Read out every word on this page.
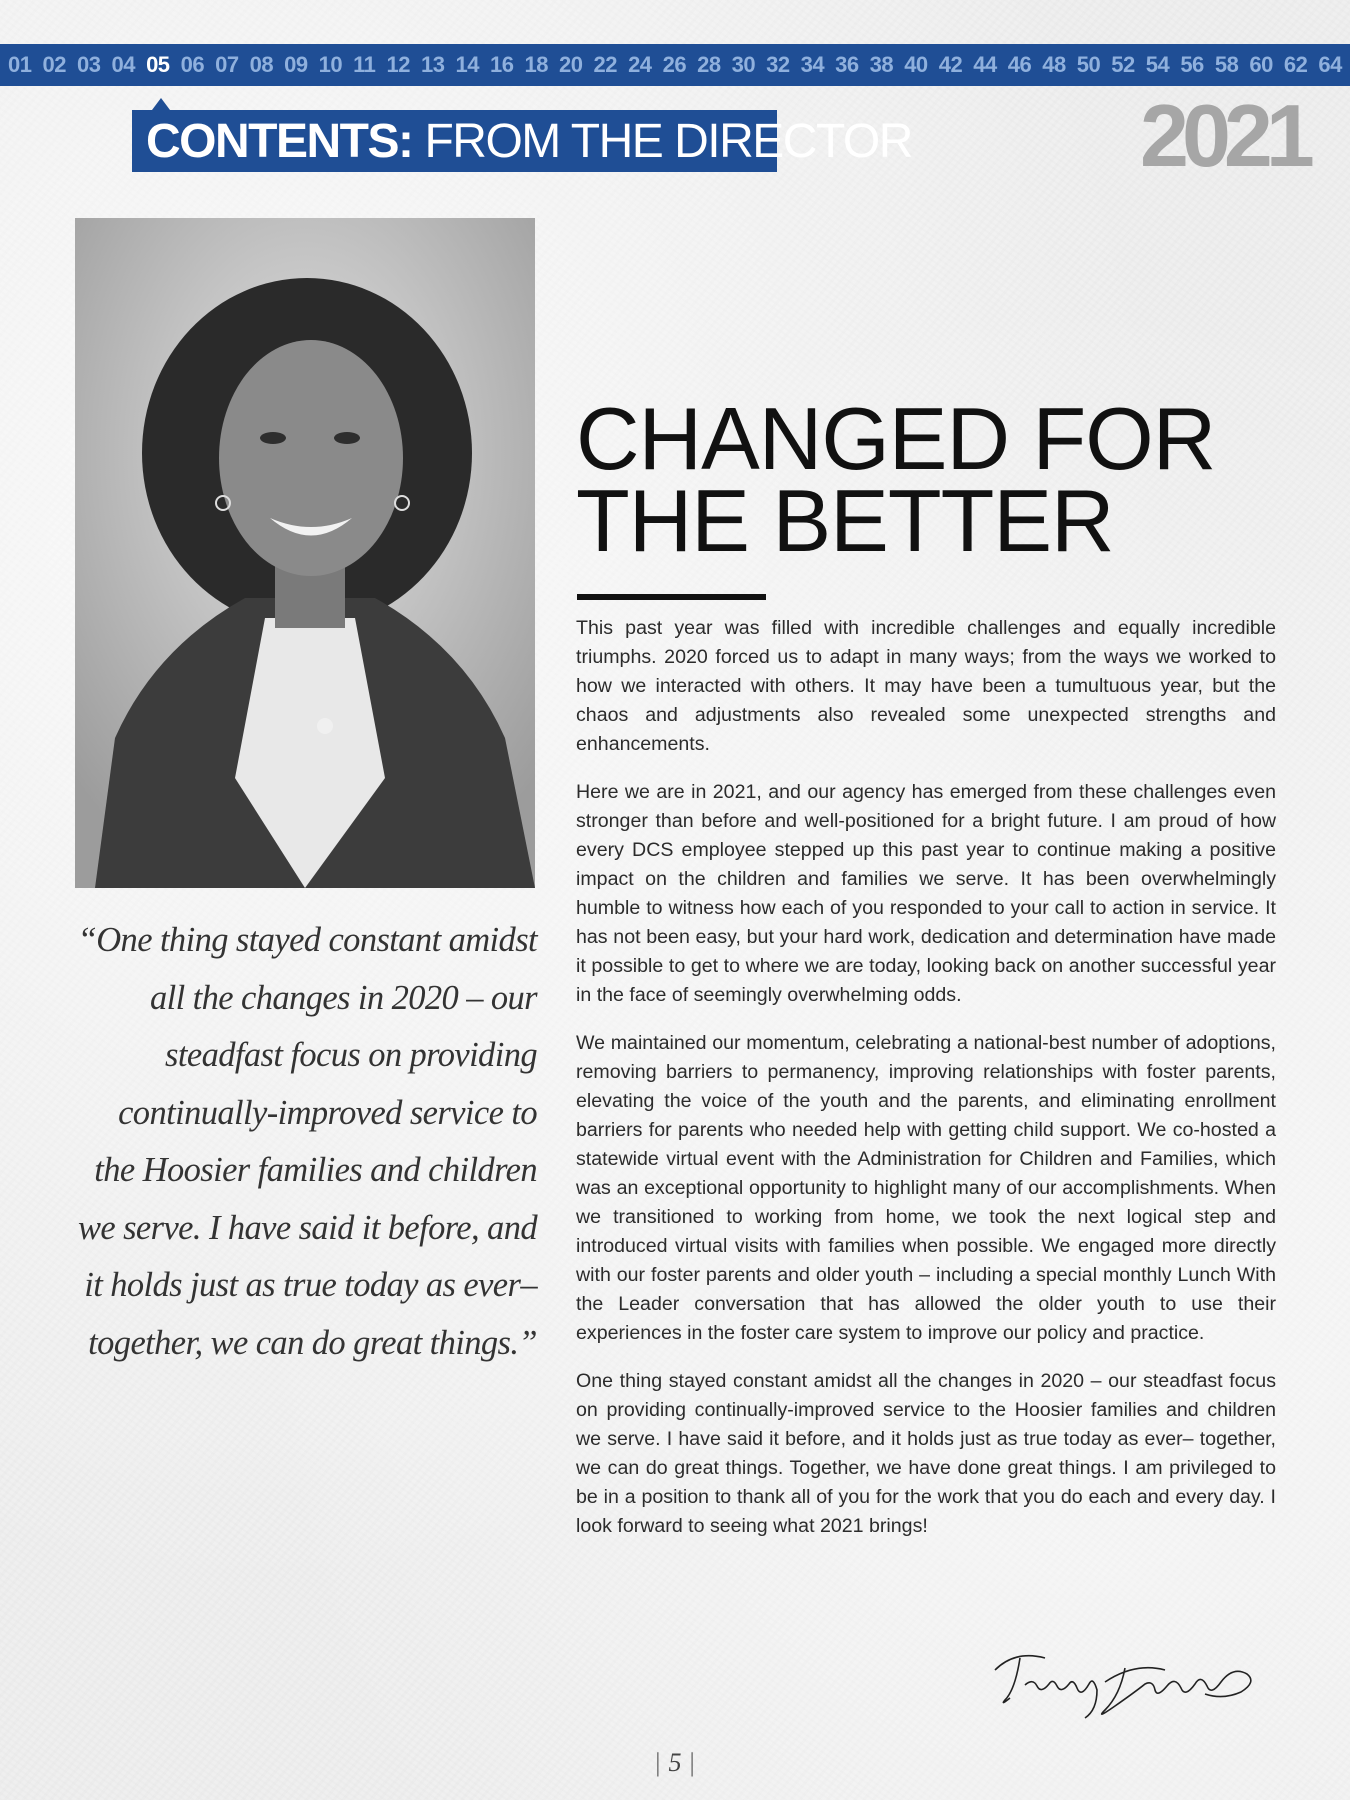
01 02 03 04 05 06 07 08 09 10 11 12 13 14 16 18 20 22 24 26 28 30 32 34 36 38 40 42 44 46 48 50 52 54 56 58 60 62 64
CONTENTS: FROM THE DIRECTOR	2021
“One thing stayed constant amidst all the changes in 2020 – our steadfast focus on providing continually-improved service to the Hoosier families and children we serve. I have said it before, and it holds just as true today as ever– together, we can do great things.”
CHANGED FOR
THE BETTER

This past year was filled with incredible challenges and equally incredible triumphs. 2020 forced us to adapt in many ways; from the ways we worked to how we interacted with others. It may have been a tumultuous year, but the chaos and adjustments also revealed some unexpected strengths and enhancements.

Here we are in 2021, and our agency has emerged from these challenges even stronger than before and well-positioned for a bright future. I am proud of how every DCS employee stepped up this past year to continue making a positive impact on the children and families we serve. It has been overwhelmingly humble to witness how each of you responded to your call to action in service. It has not been easy, but your hard work, dedication and determination have made it possible to get to where we are today, looking back on another successful year in the face of seemingly overwhelming odds.

We maintained our momentum, celebrating a national-best number of adoptions, removing barriers to permanency, improving relationships with foster parents, elevating the voice of the youth and the parents, and eliminating enrollment barriers for parents who needed help with getting child support. We co-hosted a statewide virtual event with the Administration for Children and Families, which was an exceptional opportunity to highlight many of our accomplishments. When we transitioned to working from home, we took the next logical step and introduced virtual visits with families when possible. We engaged more directly with our foster parents and older youth – including a special monthly Lunch With the Leader conversation that has allowed the older youth to use their experiences in the foster care system to improve our policy and practice.

One thing stayed constant amidst all the changes in 2020 – our steadfast focus on providing continually-improved service to the Hoosier families and children we serve. I have said it before, and it holds just as true today as ever– together, we can do great things. Together, we have done great things. I am privileged to be in a position to thank all of you for the work that you do each and every day. I look forward to seeing what 2021 brings!

| 5 |
